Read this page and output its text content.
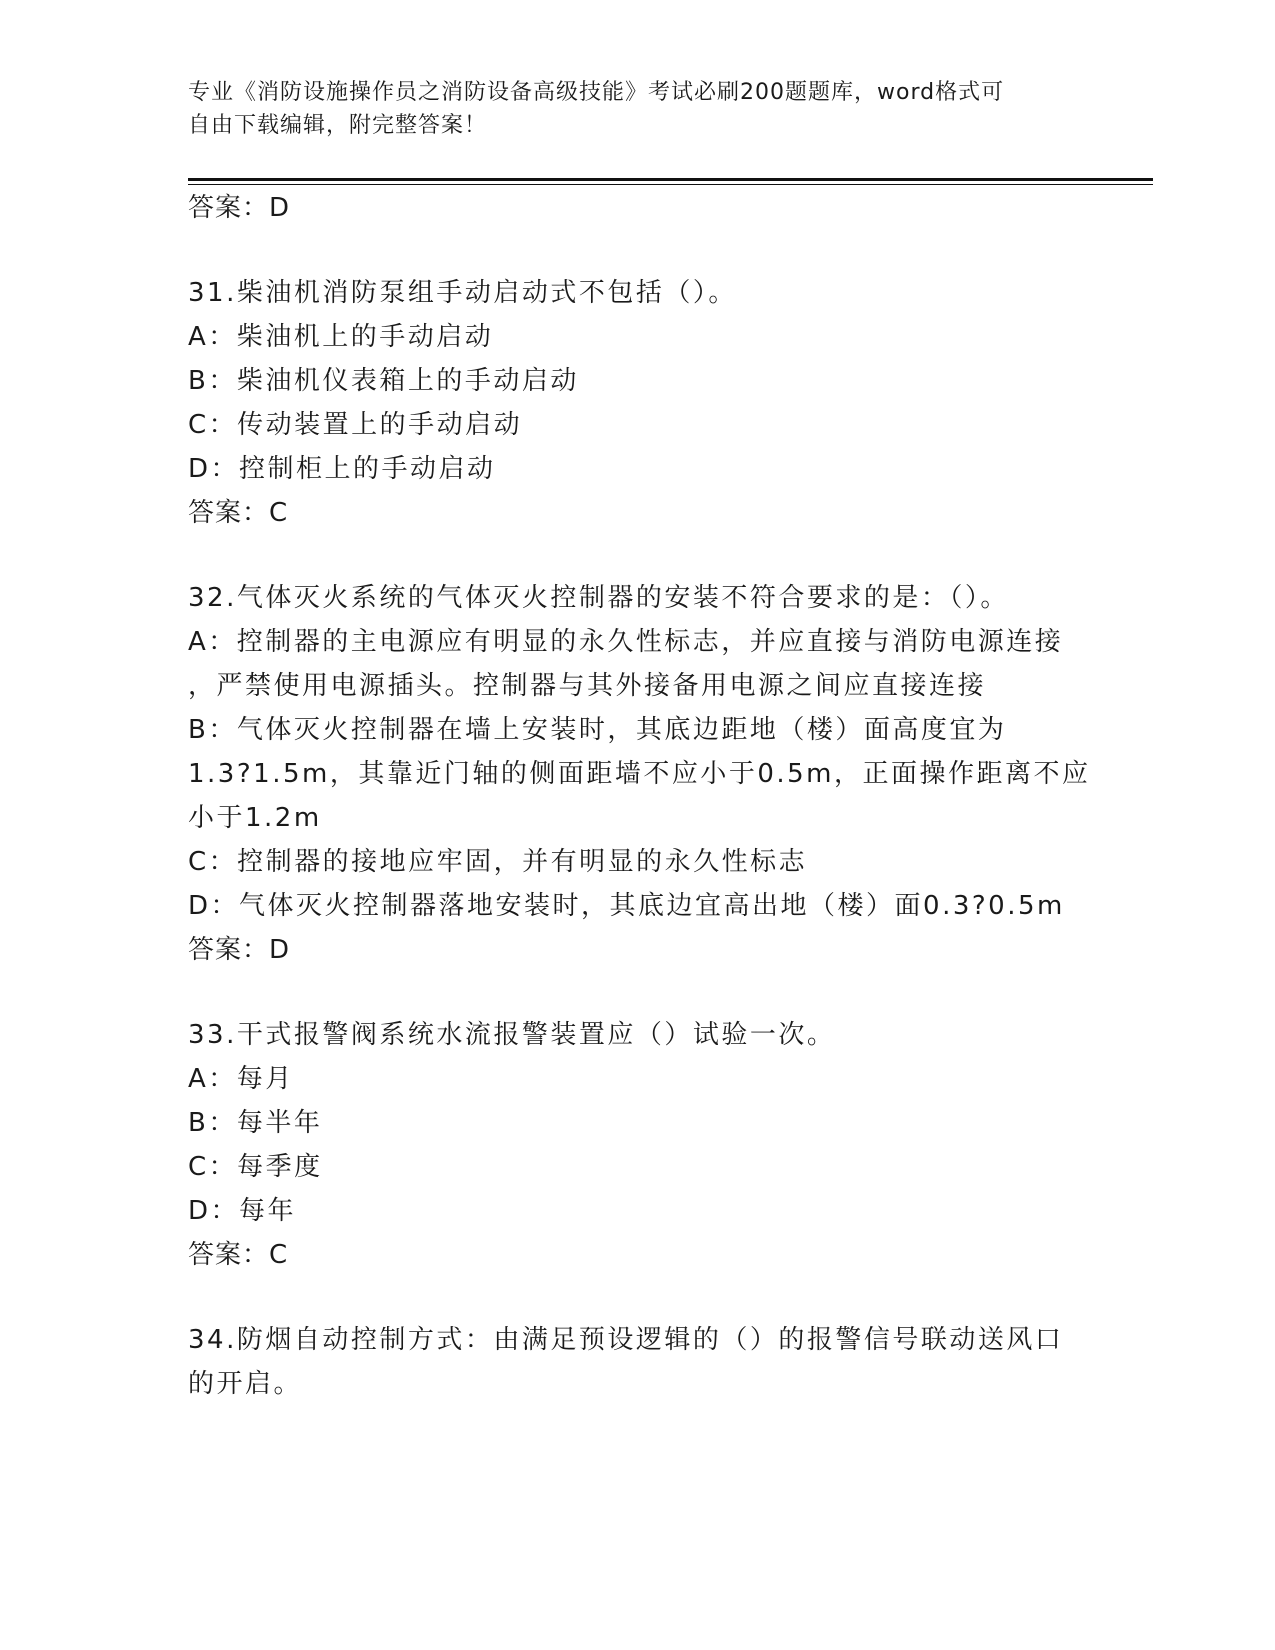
专业《消防设施操作员之消防设备高级技能》考试必刷200题题库，word格式可
自由下载编辑，附完整答案！
答案：D
31.柴油机消防泵组手动启动式不包括（）。
A：柴油机上的手动启动
B：柴油机仪表箱上的手动启动
C：传动装置上的手动启动
D：控制柜上的手动启动
答案：C
32.气体灭火系统的气体灭火控制器的安装不符合要求的是：（）。
A：控制器的主电源应有明显的永久性标志，并应直接与消防电源连接
，严禁使用电源插头。控制器与其外接备用电源之间应直接连接
B：气体灭火控制器在墙上安装时，其底边距地（楼）面高度宜为
1.3?1.5m，其靠近门轴的侧面距墙不应小于0.5m，正面操作距离不应
小于1.2m
C：控制器的接地应牢固，并有明显的永久性标志
D：气体灭火控制器落地安装时，其底边宜高出地（楼）面0.3?0.5m
答案：D
33.干式报警阀系统水流报警装置应（）试验一次。
A：每月
B：每半年
C：每季度
D：每年
答案：C
34.防烟自动控制方式：由满足预设逻辑的（）的报警信号联动送风口
的开启。
